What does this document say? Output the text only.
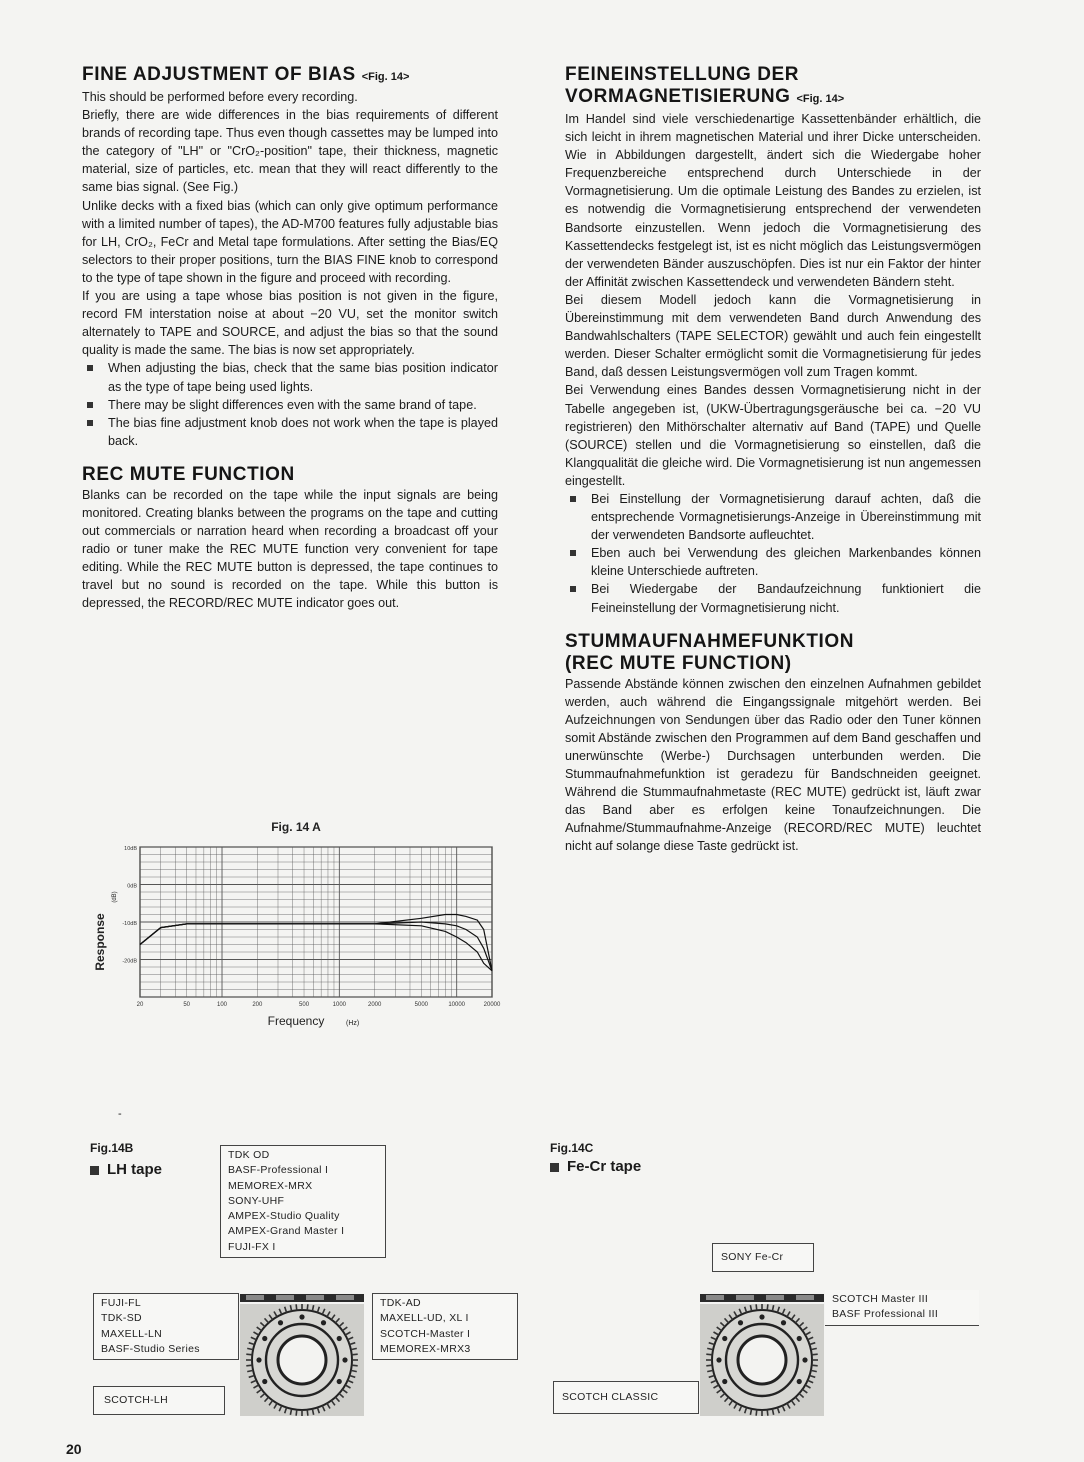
FINE ADJUSTMENT OF BIAS <Fig. 14>

This should be performed before every recording.

Briefly, there are wide differences in the bias requirements of different brands of recording tape. Thus even though cassettes may be lumped into the category of "LH" or "CrO₂-position" tape, their thickness, magnetic material, size of particles, etc. mean that they will react differently to the same bias signal. (See Fig.)

Unlike decks with a fixed bias (which can only give optimum performance with a limited number of tapes), the AD-M700 features fully adjustable bias for LH, CrO₂, FeCr and Metal tape formulations. After setting the Bias/EQ selectors to their proper positions, turn the BIAS FINE knob to correspond to the type of tape shown in the figure and proceed with recording.

If you are using a tape whose bias position is not given in the figure, record FM interstation noise at about −20 VU, set the monitor switch alternately to TAPE and SOURCE, and adjust the bias so that the sound quality is made the same. The bias is now set appropriately.

When adjusting the bias, check that the same bias position indicator as the type of tape being used lights.
There may be slight differences even with the same brand of tape.
The bias fine adjustment knob does not work when the tape is played back.
REC MUTE FUNCTION

Blanks can be recorded on the tape while the input signals are being monitored. Creating blanks between the programs on the tape and cutting out commercials or narration heard when recording a broadcast off your radio or tuner make the REC MUTE function very convenient for tape editing. While the REC MUTE button is depressed, the tape continues to travel but no sound is recorded on the tape. While this button is depressed, the RECORD/REC MUTE indicator goes out.

FEINEINSTELLUNG DER VORMAGNETISIERUNG <Fig. 14>

Im Handel sind viele verschiedenartige Kassettenbänder erhältlich, die sich leicht in ihrem magnetischen Material und ihrer Dicke unterscheiden. Wie in Abbildungen dargestellt, ändert sich die Wiedergabe hoher Frequenzbereiche entsprechend durch Unterschiede in der Vormagnetisierung. Um die optimale Leistung des Bandes zu erzielen, ist es notwendig die Vormagnetisierung entsprechend der verwendeten Bandsorte einzustellen. Wenn jedoch die Vormagnetisierung des Kassettendecks festgelegt ist, ist es nicht möglich das Leistungsvermögen der verwendeten Bänder auszuschöpfen. Dies ist nur ein Faktor der hinter der Affinität zwischen Kassettendeck und verwendeten Bändern steht.

Bei diesem Modell jedoch kann die Vormagnetisierung in Übereinstimmung mit dem verwendeten Band durch Anwendung des Bandwahlschalters (TAPE SELECTOR) gewählt und auch fein eingestellt werden. Dieser Schalter ermöglicht somit die Vormagnetisierung für jedes Band, daß dessen Leistungsvermögen voll zum Tragen kommt.

Bei Verwendung eines Bandes dessen Vormagnetisierung nicht in der Tabelle angegeben ist, (UKW-Übertragungsgeräusche bei ca. −20 VU registrieren) den Mithörschalter alternativ auf Band (TAPE) und Quelle (SOURCE) stellen und die Vormagnetisierung so einstellen, daß die Klangqualität die gleiche wird. Die Vormagnetisierung ist nun angemessen eingestellt.

Bei Einstellung der Vormagnetisierung darauf achten, daß die entsprechende Vormagnetisierungs-Anzeige in Übereinstimmung mit der verwendeten Bandsorte aufleuchtet.
Eben auch bei Verwendung des gleichen Markenbandes können kleine Unterschiede auftreten.
Bei Wiedergabe der Bandaufzeichnung funktioniert die Feineinstellung der Vormagnetisierung nicht.
STUMMAUFNAHMEFUNKTION
(REC MUTE FUNCTION)

Passende Abstände können zwischen den einzelnen Aufnahmen gebildet werden, auch während die Eingangssignale mitgehört werden. Bei Aufzeichnungen von Sendungen über das Radio oder den Tuner können somit Abstände zwischen den Programmen auf dem Band geschaffen und unerwünschte (Werbe-) Durchsagen unterbunden werden. Die Stummaufnahmefunktion ist geradezu für Bandschneiden geeignet. Während die Stummaufnahmetaste (REC MUTE) gedrückt ist, läuft zwar das Band aber es erfolgen keine Tonaufzeichnungen. Die Aufnahme/Stummaufnahme-Anzeige (RECORD/REC MUTE) leuchtet nicht auf solange diese Taste gedrückt ist.

Fig. 14 A
10dB
0dB
-10dB
-20dB
20	50	100	200	500	1000	2000	5000	10000	20000
Response
(dB)
Frequency	(Hz)
Fig.14B
LH tape
TDK OD
BASF-Professional I
MEMOREX-MRX
SONY-UHF
AMPEX-Studio Quality
AMPEX-Grand Master I
FUJI-FX I
FUJI-FL
TDK-SD
MAXELL-LN
BASF-Studio Series
TDK-AD
MAXELL-UD, XL I
SCOTCH-Master I
MEMOREX-MRX3
SCOTCH-LH
Fig.14C
Fe-Cr tape
SONY Fe-Cr
SCOTCH Master III
BASF Professional III
SCOTCH CLASSIC
-
20
